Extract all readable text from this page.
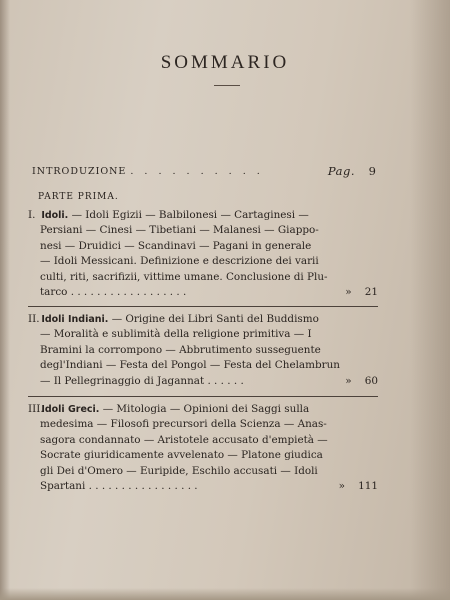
SOMMARIO
INTRODUZIONE . . . . . . . . . .	Pag. 9
PARTE PRIMA.
I. Idoli. — Idoli Egizii — Balbilonesi — Cartaginesi —
Persiani — Cinesi — Tibetiani — Malanesi — Giappo-
nesi — Druidici — Scandinavi — Pagani in generale
— Idoli Messicani. Definizione e descrizione dei varii
culti, riti, sacrifizii, vittime umane. Conclusione di Plu-
tarco . . . . . . . . . . . . . . . . . .	» 21
II. Idoli Indiani. — Origine dei Libri Santi del Buddismo
— Moralità e sublimità della religione primitiva — I
Bramini la corrompono — Abbrutimento susseguente
degl'Indiani — Festa del Pongol — Festa del Chelambrun
— Il Pellegrinaggio di Jagannat . . . . . .	» 60
III. Idoli Greci. — Mitologia — Opinioni dei Saggi sulla
medesima — Filosofi precursori della Scienza — Anas-
sagora condannato — Aristotele accusato d'empietà —
Socrate giuridicamente avvelenato — Platone giudica
gli Dei d'Omero — Euripide, Eschilo accusati — Idoli
Spartani . . . . . . . . . . . . . . . . .	» 111
